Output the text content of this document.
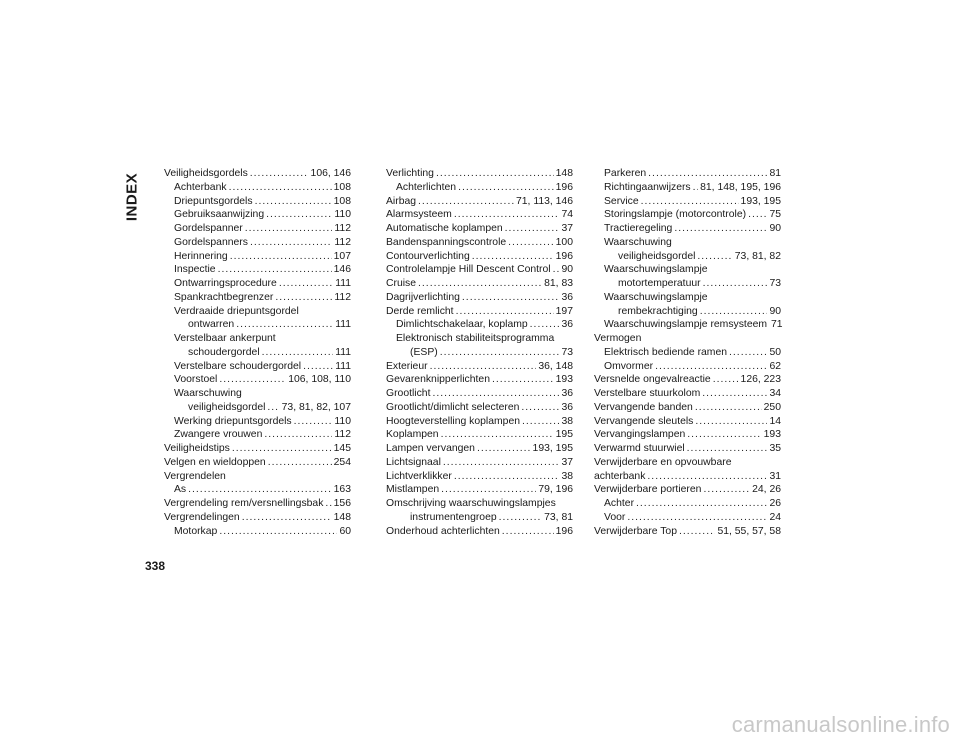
INDEX Veiligheidsgordels .....	106, 146
Achterbank .....	108
Driepuntsgordels .....	108
Gebruiksaanwijzing .....	110
Gordelspanner .....	112
Gordelspanners .....	112
Herinnering .....	107
Inspectie .....	146
Ontwarringsprocedure .....	111
Spankrachtbegrenzer .....	112
Verdraaide driepuntsgordel
ontwarren .....	111
Verstelbaar ankerpunt
schoudergordel .....	111
Verstelbare schoudergordel .....	111
Voorstoel .....	106, 108, 110
Waarschuwing
veiligheidsgordel ..... 73, 81, 82, 107
Werking driepuntsgordels .....	110
Zwangere vrouwen .....	112
Veiligheidstips .....	145
Velgen en wieldoppen .....	254
Vergrendelen
As .....	163
Vergrendeling rem/versnellingsbak ..... 156
Vergrendelingen .....	148
Motorkap .....	60
Verlichting .....	148
Achterlichten .....	196
Airbag .....	71, 113, 146
Alarmsysteem .....	74
Automatische koplampen .....	37
Bandenspanningscontrole .....	100
Contourverlichting .....	196
Controlelampje Hill Descent Control ..... 90
Cruise .....	81, 83
Dagrijverlichting .....	36
Derde remlicht .....	197
Dimlichtschakelaar, koplamp .....	36
Elektronisch stabiliteitsprogramma
(ESP) .....	73
Exterieur .....	36, 148
Gevarenknipperlichten .....	193
Grootlicht .....	36
Grootlicht/dimlicht selecteren .....	36
Hoogteverstelling koplampen .....	38
Koplampen .....	195
Lampen vervangen .....	193, 195
Lichtsignaal .....	37
Lichtverklikker .....	38
Mistlampen .....	79, 196
Omschrijving waarschuwingslampjes
instrumentengroep .....	73, 81
Onderhoud achterlichten .....	196
Parkeren .....	81
Richtingaanwijzers ..... 81, 148, 195, 196
Service .....	193, 195
Storingslampje (motorcontrole) ..... 75
Tractieregeling .....	90
Waarschuwing
veiligheidsgordel .....	73, 81, 82
Waarschuwingslampje
motortemperatuur .....	73
Waarschuwingslampje
rembekrachtiging .....	90
Waarschuwingslampje remsysteem 71
Vermogen
Elektrisch bediende ramen .....	50
Omvormer .....	62
Versnelde ongevalreactie .....	126, 223
Verstelbare stuurkolom .....	34
Vervangende banden .....	250
Vervangende sleutels .....	14
Vervangingslampen .....	193
Verwarmd stuurwiel .....	35
Verwijderbare en opvouwbare
achterbank .....	31
Verwijderbare portieren .....	24, 26
Achter .....	26
Voor .....	24
Verwijderbare Top .....	51, 55, 57, 58
338
carmanualsonline.info
